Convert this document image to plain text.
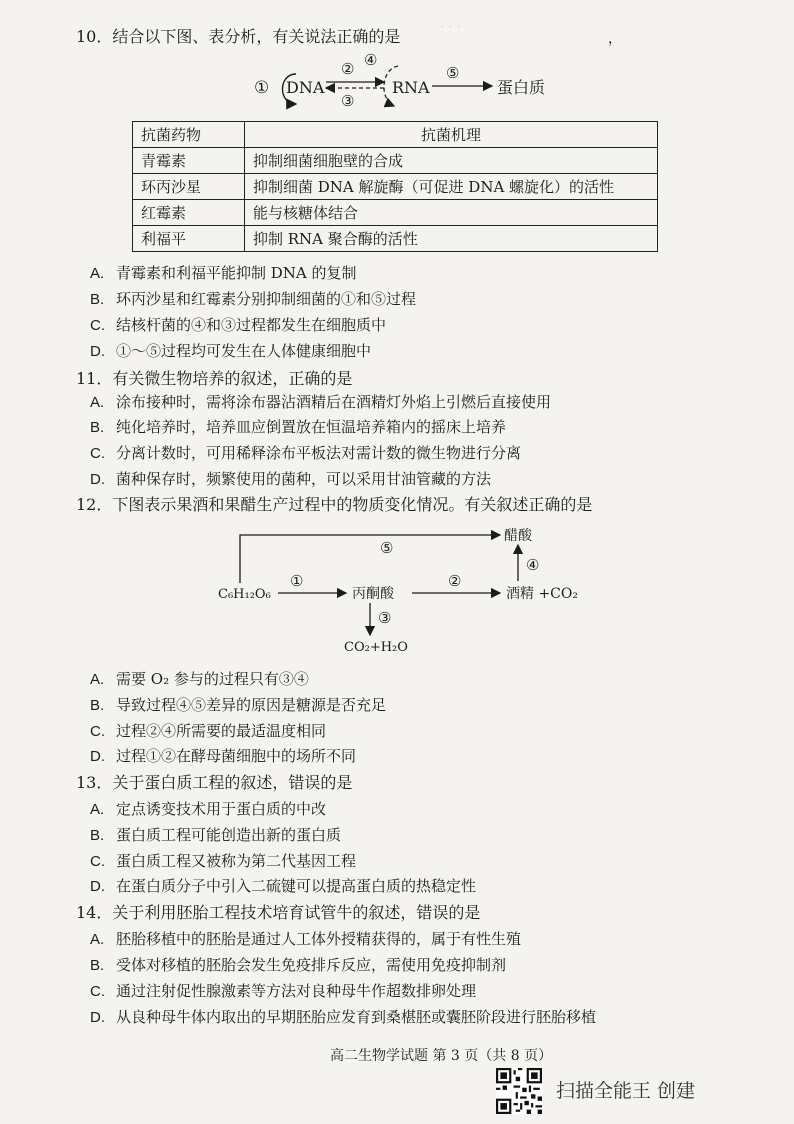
· · ·　　　　　　　　　　　　　　　　　　　
10．结合以下图、表分析，有关说法正确的是	，
① DNA
②
③
④
RNA
⑤
蛋白质
抗菌药物	抗菌机理
青霉素	抑制细菌细胞壁的合成
环丙沙星	抑制细菌 DNA 解旋酶（可促进 DNA 螺旋化）的活性
红霉素	能与核糖体结合
利福平	抑制 RNA 聚合酶的活性
A. 青霉素和利福平能抑制 DNA 的复制
B. 环丙沙星和红霉素分别抑制细菌的①和⑤过程
C. 结核杆菌的④和③过程都发生在细胞质中
D. ①～⑤过程均可发生在人体健康细胞中
11．有关微生物培养的叙述，正确的是
A. 涂布接种时，需将涂布器沾酒精后在酒精灯外焰上引燃后直接使用
B. 纯化培养时，培养皿应倒置放在恒温培养箱内的摇床上培养
C. 分离计数时，可用稀释涂布平板法对需计数的微生物进行分离
D. 菌种保存时，频繁使用的菌种，可以采用甘油管藏的方法
12．下图表示果酒和果醋生产过程中的物质变化情况。有关叙述正确的是
⑤
醋酸
C₆H₁₂O₆
①
丙酮酸
②
酒精 +CO₂
④
③
CO₂+H₂O
A. 需要 O₂ 参与的过程只有③④
B. 导致过程④⑤差异的原因是糖源是否充足
C. 过程②④所需要的最适温度相同
D. 过程①②在酵母菌细胞中的场所不同
13．关于蛋白质工程的叙述，错误的是
A. 定点诱变技术用于蛋白质的中改
B. 蛋白质工程可能创造出新的蛋白质
C. 蛋白质工程又被称为第二代基因工程
D. 在蛋白质分子中引入二硫键可以提高蛋白质的热稳定性
14．关于利用胚胎工程技术培育试管牛的叙述，错误的是
A. 胚胎移植中的胚胎是通过人工体外授精获得的，属于有性生殖
B. 受体对移植的胚胎会发生免疫排斥反应，需使用免疫抑制剂
C. 通过注射促性腺激素等方法对良种母牛作超数排卵处理
D. 从良种母牛体内取出的早期胚胎应发育到桑椹胚或囊胚阶段进行胚胎移植
高二生物学试题 第 3 页（共 8 页）
扫描全能王 创建
